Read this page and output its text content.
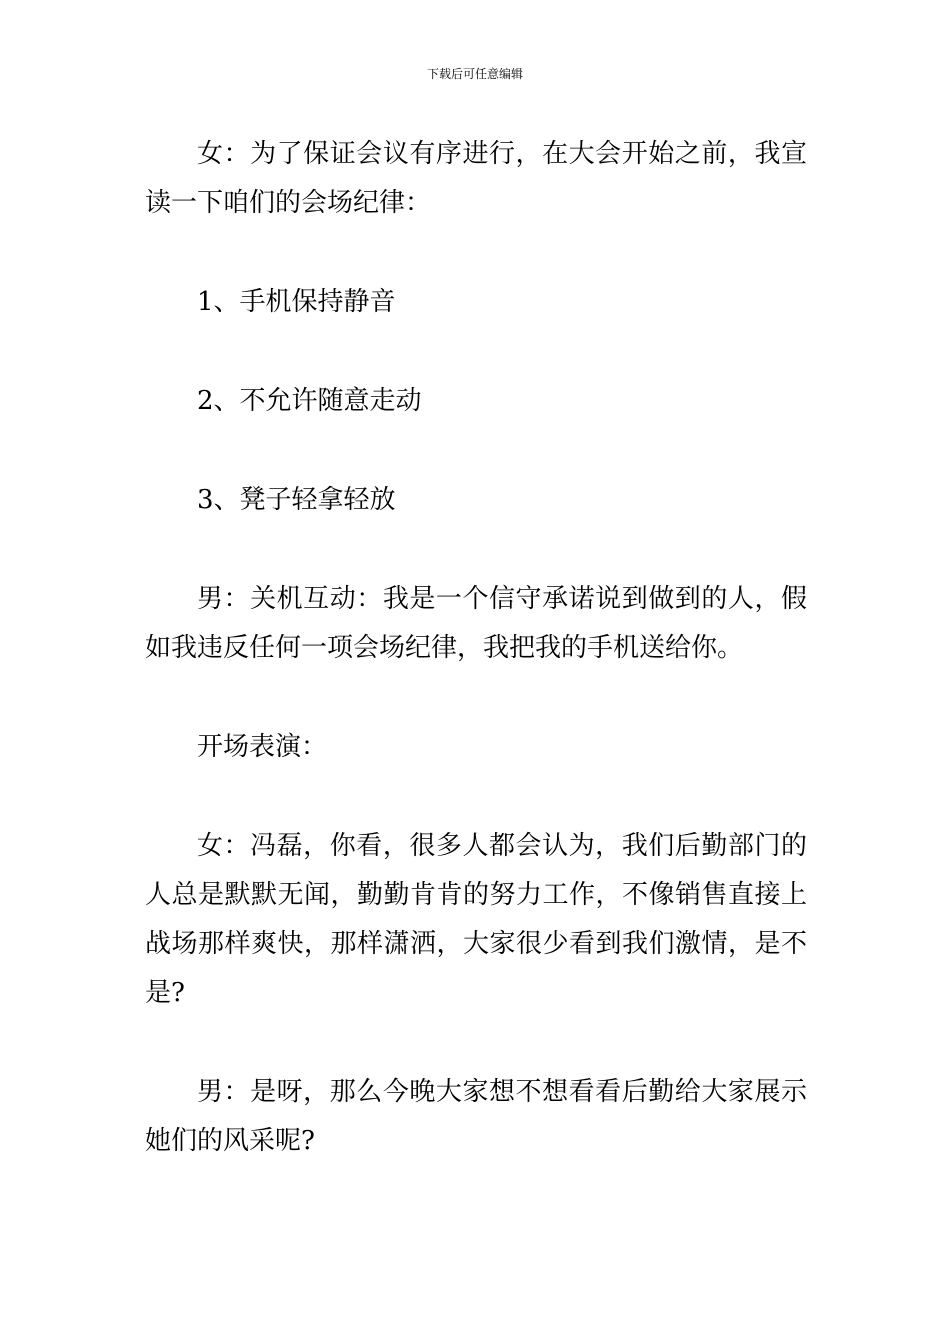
下载后可任意编辑

女：为了保证会议有序进行，在大会开始之前，我宣读一下咱们的会场纪律：

1、手机保持静音

2、不允许随意走动

3、凳子轻拿轻放

男：关机互动：我是一个信守承诺说到做到的人，假如我违反任何一项会场纪律，我把我的手机送给你。

开场表演：

女：冯磊，你看，很多人都会认为，我们后勤部门的人总是默默无闻，勤勤肯肯的努力工作，不像销售直接上战场那样爽快，那样潇洒，大家很少看到我们激情，是不是?

男：是呀，那么今晚大家想不想看看后勤给大家展示她们的风采呢?
